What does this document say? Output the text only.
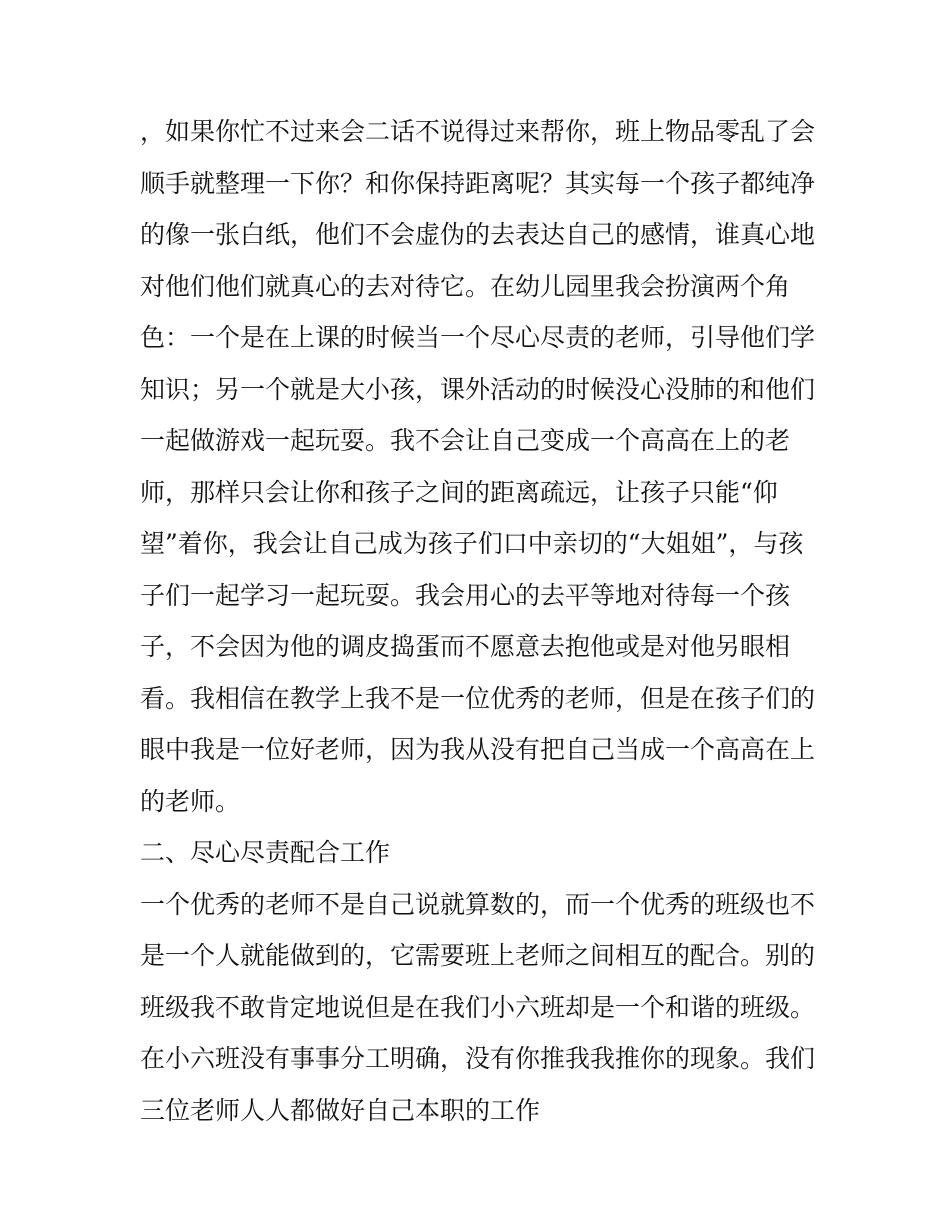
，如果你忙不过来会二话不说得过来帮你，班上物品零乱了会
顺手就整理一下你？和你保持距离呢？其实每一个孩子都纯净
的像一张白纸，他们不会虚伪的去表达自己的感情，谁真心地
对他们他们就真心的去对待它。在幼儿园里我会扮演两个角
色：一个是在上课的时候当一个尽心尽责的老师，引导他们学
知识；另一个就是大小孩，课外活动的时候没心没肺的和他们
一起做游戏一起玩耍。我不会让自己变成一个高高在上的老
师，那样只会让你和孩子之间的距离疏远，让孩子只能“仰
望”着你，我会让自己成为孩子们口中亲切的“大姐姐”，与孩
子们一起学习一起玩耍。我会用心的去平等地对待每一个孩
子，不会因为他的调皮捣蛋而不愿意去抱他或是对他另眼相
看。我相信在教学上我不是一位优秀的老师，但是在孩子们的
眼中我是一位好老师，因为我从没有把自己当成一个高高在上
的老师。
二、尽心尽责配合工作
一个优秀的老师不是自己说就算数的，而一个优秀的班级也不
是一个人就能做到的，它需要班上老师之间相互的配合。别的
班级我不敢肯定地说但是在我们小六班却是一个和谐的班级。
在小六班没有事事分工明确，没有你推我我推你的现象。我们
三位老师人人都做好自己本职的工作
